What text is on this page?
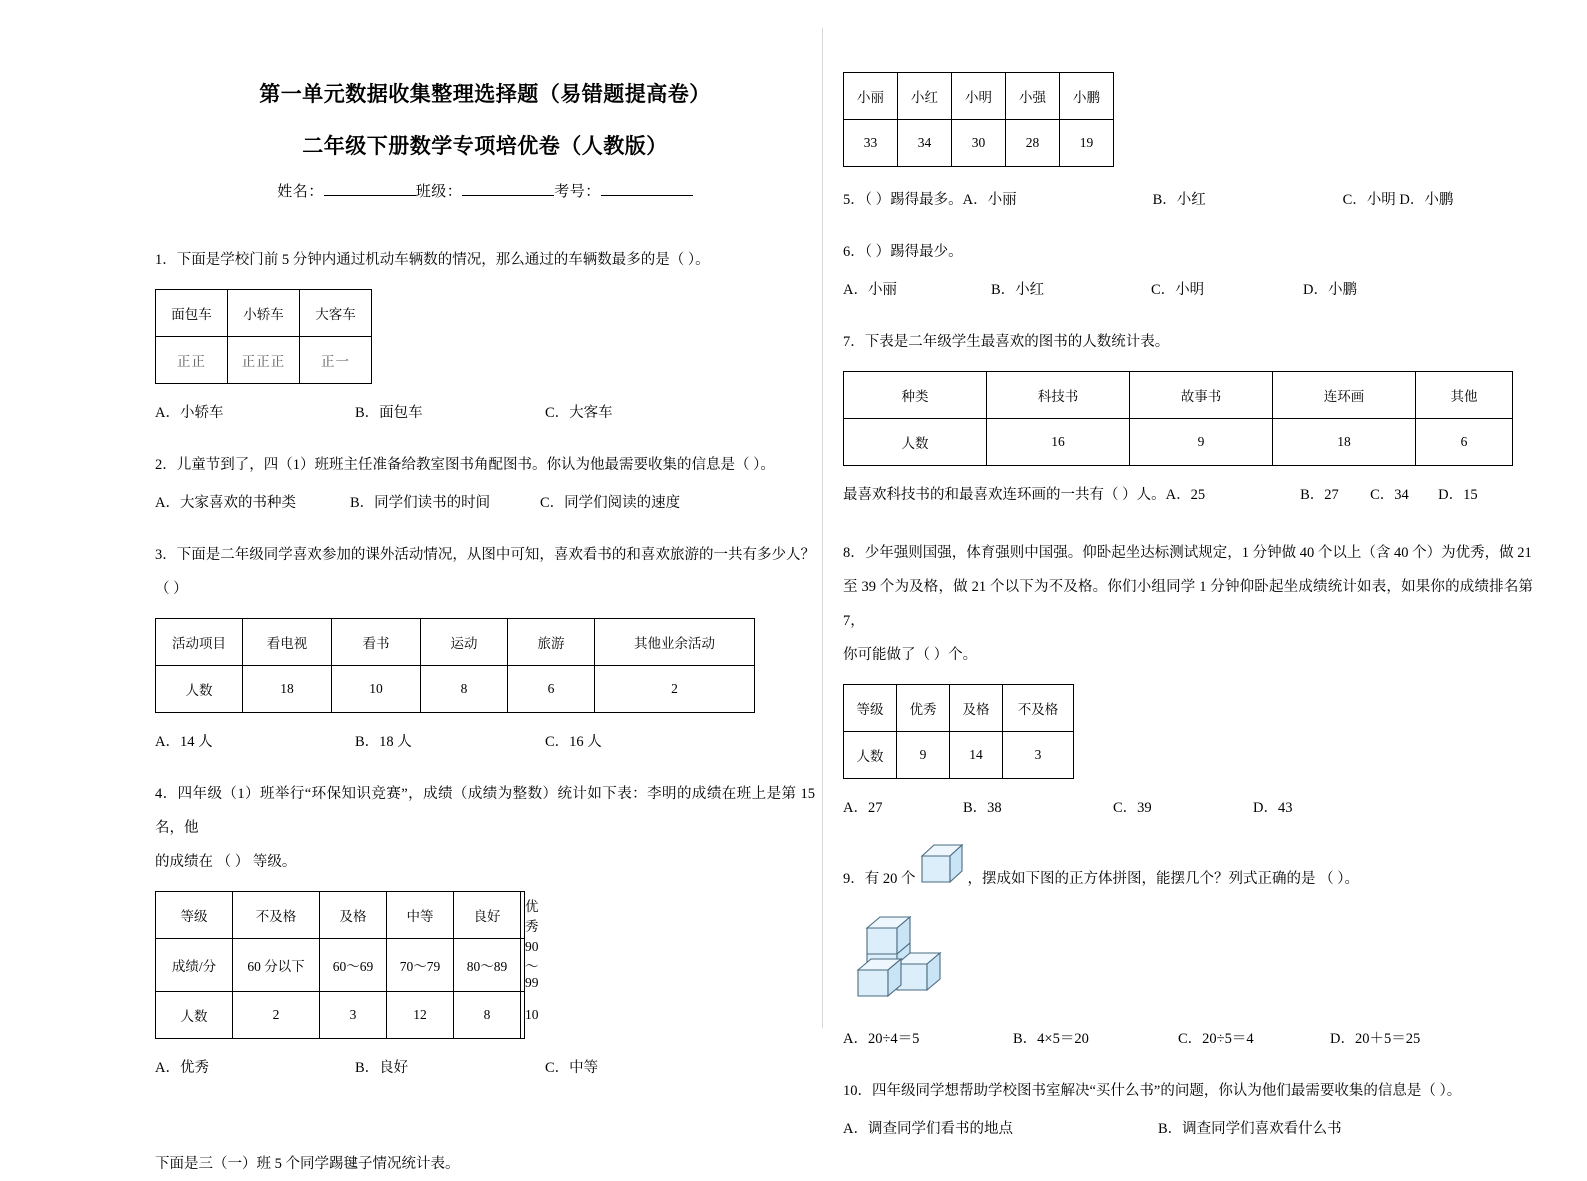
第一单元数据收集整理选择题（易错题提高卷）
二年级下册数学专项培优卷（人教版）
姓名：	班级：	考号：
1．下面是学校门前 5 分钟内通过机动车辆数的情况，那么通过的车辆数最多的是（ ）。
面包车	小轿车	大客车
正正	正正正	正一
A．小轿车	B．面包车	C．大客车
2．儿童节到了，四（1）班班主任准备给教室图书角配图书。你认为他最需要收集的信息是（ ）。
A．大家喜欢的书种类	B．同学们读书的时间	C．同学们阅读的速度
3．下面是二年级同学喜欢参加的课外活动情况，从图中可知，喜欢看书的和喜欢旅游的一共有多少人？（ ）
活动项目	看电视	看书	运动	旅游	其他业余活动
人数	18	10	8	6	2
A．14 人	B．18 人	C．16 人
4．四年级（1）班举行“环保知识竞赛”，成绩（成绩为整数）统计如下表：李明的成绩在班上是第 15 名，他
的成绩在 （ ） 等级。
等级	不及格	及格	中等	良好	优秀
成绩/分	60 分以下	60～69	70～79	80～89	90～99
人数	2	3	12	8	10
A．优秀	B．良好	C．中等
下面是三（一）班 5 个同学踢毽子情况统计表。
小丽	小红	小明	小强	小鹏
33	34	30	28	19
5．（ ）踢得最多。A．小丽	B．小红	C．小明 D．小鹏
6．（ ）踢得最少。
A．小丽	B．小红	C．小明	D．小鹏
7．下表是二年级学生最喜欢的图书的人数统计表。
种类	科技书	故事书	连环画	其他
人数	16	9	18	6
最喜欢科技书的和最喜欢连环画的一共有（ ）人。A．25	B．27 C．34 D．15
8．少年强则国强，体育强则中国强。仰卧起坐达标测试规定，1 分钟做 40 个以上（含 40 个）为优秀，做 21
至 39 个为及格，做 21 个以下为不及格。你们小组同学 1 分钟仰卧起坐成绩统计如表，如果你的成绩排名第 7，
你可能做了（ ）个。
等级	优秀	及格	不及格
人数	9	14	3
A．27	B．38	C．39	D．43
9．有 20 个	，摆成如下图的正方体拼图，能摆几个？列式正确的是 （ ）。
A．20÷4＝5	B．4×5＝20	C．20÷5＝4	D．20＋5＝25
10．四年级同学想帮助学校图书室解决“买什么书”的问题，你认为他们最需要收集的信息是（ ）。
A．调查同学们看书的地点	B．调查同学们喜欢看什么书
